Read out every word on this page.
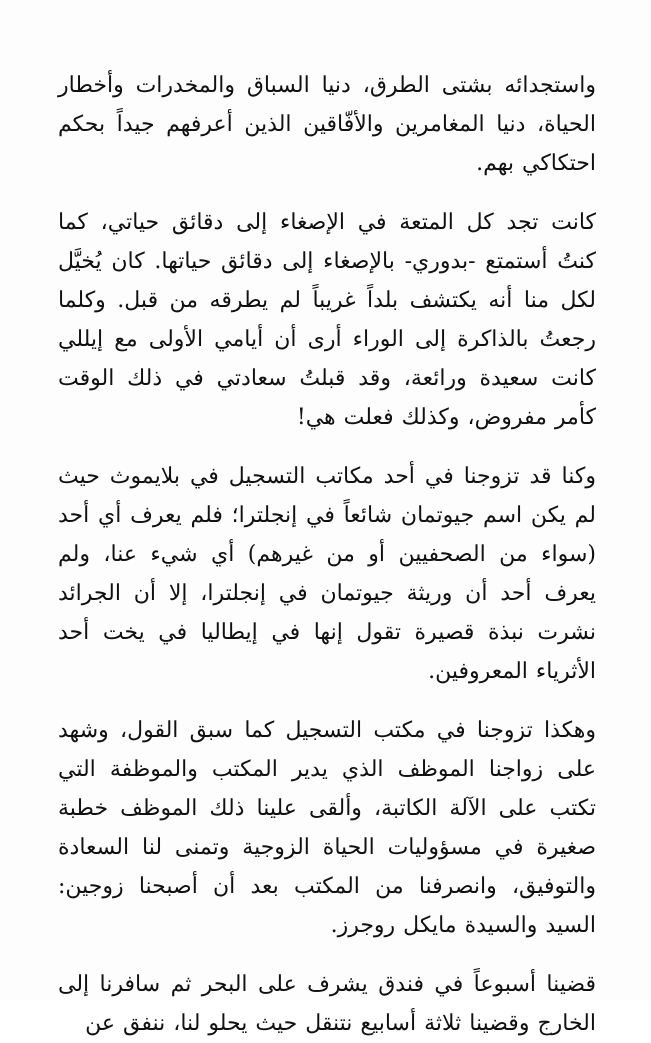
واستجدائه بشتى الطرق، دنيا السباق والمخدرات وأخطار الحياة، دنيا المغامرين والأفّاقين الذين أعرفهم جيداً بحكم احتكاكي بهم.

كانت تجد كل المتعة في الإصغاء إلى دقائق حياتي، كما كنتُ أستمتع -بدوري- بالإصغاء إلى دقائق حياتها. كان يُخيَّل لكل منا أنه يكتشف بلداً غريباً لم يطرقه من قبل. وكلما رجعتُ بالذاكرة إلى الوراء أرى أن أيامي الأولى مع إيللي كانت سعيدة ورائعة، وقد قبلتُ سعادتي في ذلك الوقت كأمر مفروض، وكذلك فعلت هي!

وكنا قد تزوجنا في أحد مكاتب التسجيل في بلايموث حيث لم يكن اسم جيوتمان شائعاً في إنجلترا؛ فلم يعرف أي أحد (سواء من الصحفيين أو من غيرهم) أي شيء عنا، ولم يعرف أحد أن وريثة جيوتمان في إنجلترا، إلا أن الجرائد نشرت نبذة قصيرة تقول إنها في إيطاليا في يخت أحد الأثرياء المعروفين.

وهكذا تزوجنا في مكتب التسجيل كما سبق القول، وشهد على زواجنا الموظف الذي يدير المكتب والموظفة التي تكتب على الآلة الكاتبة، وألقى علينا ذلك الموظف خطبة صغيرة في مسؤوليات الحياة الزوجية وتمنى لنا السعادة والتوفيق، وانصرفنا من المكتب بعد أن أصبحنا زوجين: السيد والسيدة مايكل روجرز.

قضينا أسبوعاً في فندق يشرف على البحر ثم سافرنا إلى الخارج وقضينا ثلاثة أسابيع نتنقل حيث يحلو لنا، ننفق عن
